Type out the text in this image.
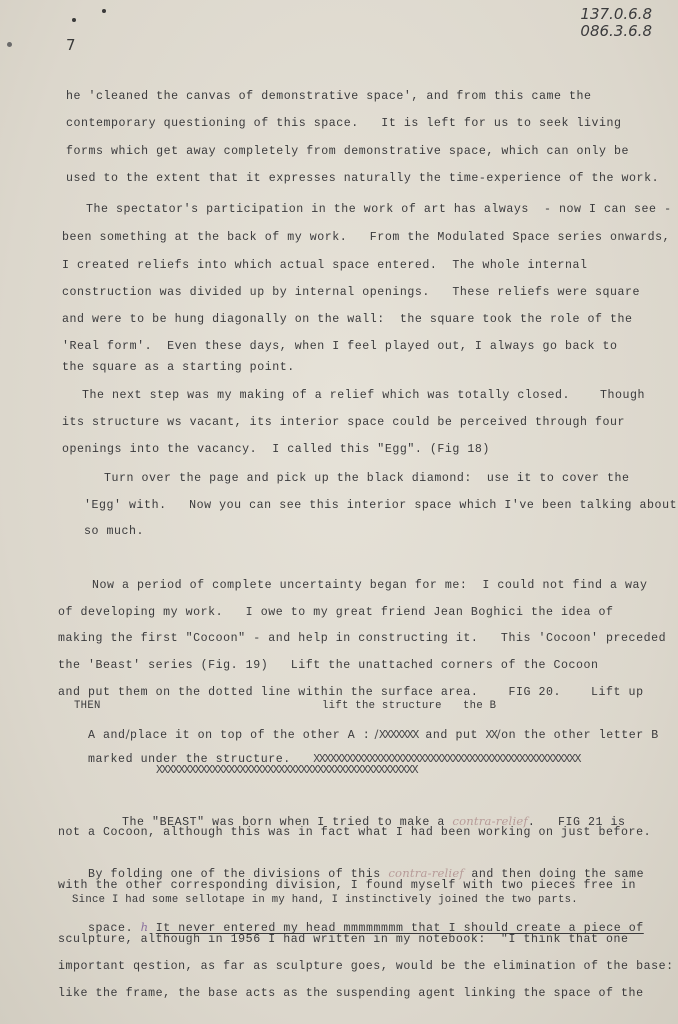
137.0.6.8
086.3.6.8
7
he 'cleaned the canvas of demonstrative space', and from this came the
contemporary questioning of this space.   It is left for us to seek living
forms which get away completely from demonstrative space, which can only be
used to the extent that it expresses naturally the time-experience of the work.
The spectator's participation in the work of art has always  - now I can see -
been something at the back of my work.   From the Modulated Space series onwards,
I created reliefs into which actual space entered.  The whole internal
construction was divided up by internal openings.   These reliefs were square
and were to be hung diagonally on the wall:  the square took the role of the
'Real form'.  Even these days, when I feel played out, I always go back to
the square as a starting point.
The next step was my making of a relief which was totally closed.    Though
its structure ws vacant, its interior space could be perceived through four
openings into the vacancy.  I called this "Egg". (Fig 18)
Turn over the page and pick up the black diamond:  use it to cover the
'Egg' with.   Now you can see this interior space which I've been talking about
so much.
Now a period of complete uncertainty began for me:  I could not find a way
of developing my work.   I owe to my great friend Jean Boghici the idea of
making the first "Cocoon" - and help in constructing it.   This 'Cocoon' preceded
the 'Beast' series (Fig. 19)   Lift the unattached corners of the Cocoon
and put them on the dotted line within the surface area.    FIG 20.    Lift up
THEN	lift the structure the B

A and/place it on top of the other A : /XXXXXXX and put XX/on the other letter B

marked under the structure. XXXXXXXXXXXXXXXXXXXXXXXXXXXXXXXXXXXXXXXXXXXXXXXX

XXXXXXXXXXXXXXXXXXXXXXXXXXXXXXXXXXXXXXXXXXXXXXX

The "BEAST" was born when I tried to make a contra-relief.   FIG 21 is

not a Cocoon, although this was in fact what I had been working on just before.

By folding one of the divisions of this contra-relief and then doing the same

with the other corresponding division, I found myself with two pieces free in
Since I had some sellotape in my hand, I instinctively joined the two parts.

space. h It never entered my head mmmmmmmm that I should create a piece of

sculpture, although in 1956 I had written in my notebook:  "I think that one
important qestion, as far as sculpture goes, would be the elimination of the base:
like the frame, the base acts as the suspending agent linking the space of the
